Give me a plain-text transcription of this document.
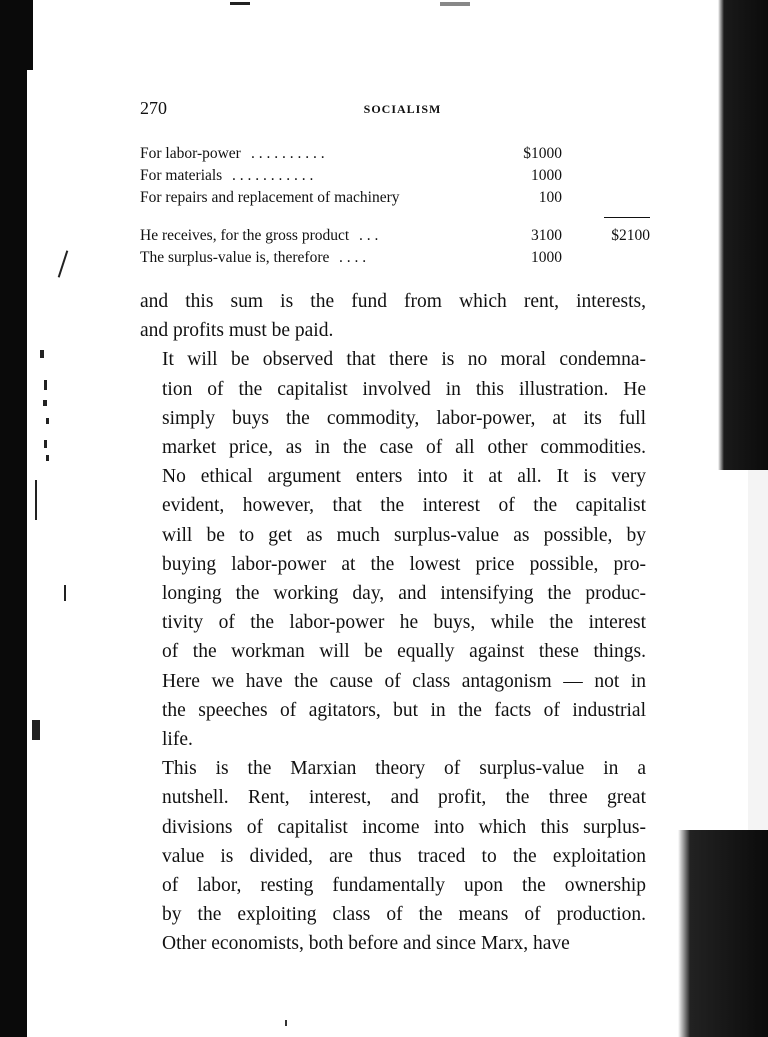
270	SOCIALISM
For labor-power . . . . . . . . . .	$1000
For materials . . . . . . . . . . .	1000
For repairs and replacement of machinery	100
He receives, for the gross product . . .	3100	$2100
The surplus-value is, therefore . . . .	1000

and this sum is the fund from which rent, interests,
and profits must be paid.

It will be observed that there is no moral condemna-
tion of the capitalist involved in this illustration. He
simply buys the commodity, labor-power, at its full
market price, as in the case of all other commodities.
No ethical argument enters into it at all. It is very
evident, however, that the interest of the capitalist
will be to get as much surplus-value as possible, by
buying labor-power at the lowest price possible, pro-
longing the working day, and intensifying the produc-
tivity of the labor-power he buys, while the interest
of the workman will be equally against these things.
Here we have the cause of class antagonism — not in
the speeches of agitators, but in the facts of industrial
life.

This is the Marxian theory of surplus-value in a
nutshell. Rent, interest, and profit, the three great
divisions of capitalist income into which this surplus-
value is divided, are thus traced to the exploitation
of labor, resting fundamentally upon the ownership
by the exploiting class of the means of production.
Other economists, both before and since Marx, have
